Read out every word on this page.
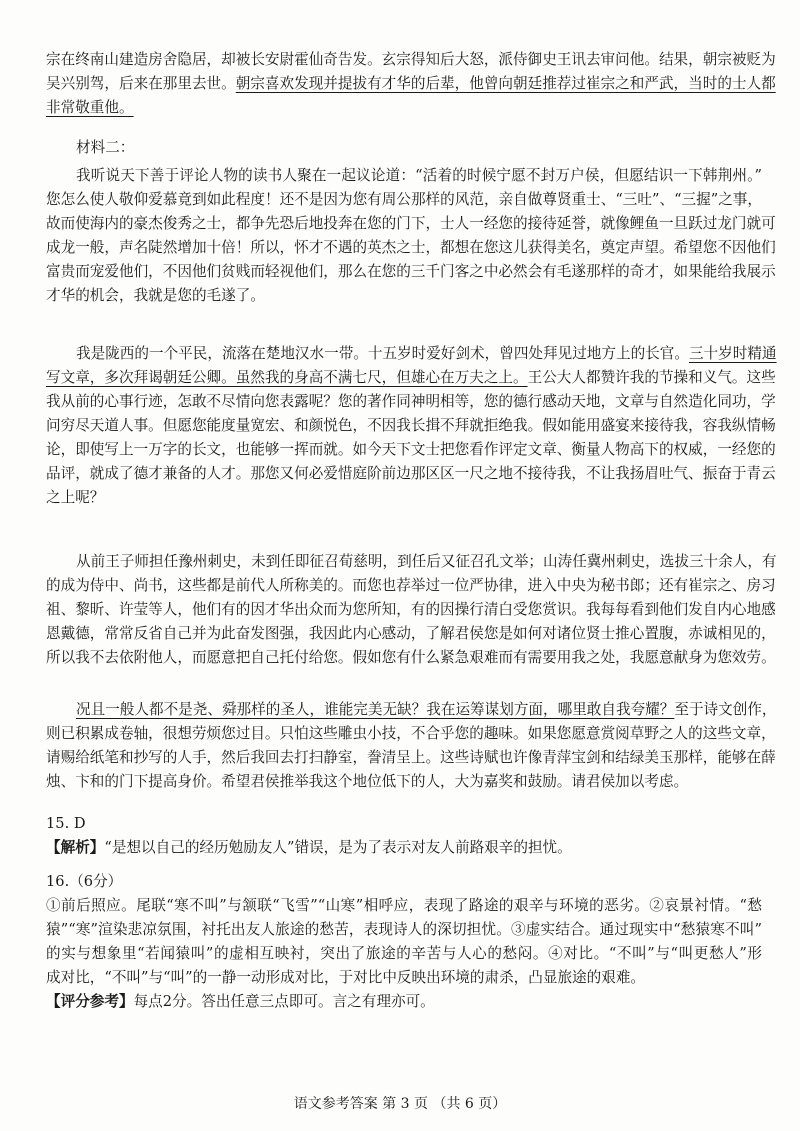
宗在终南山建造房舍隐居，却被长安尉霍仙奇告发。玄宗得知后大怒，派侍御史王讯去审问他。结果，朝宗被贬为
吴兴别驾，后来在那里去世。朝宗喜欢发现并提拔有才华的后辈，他曾向朝廷推荐过崔宗之和严武，当时的士人都
非常敬重他。
材料二：
我听说天下善于评论人物的读书人聚在一起议论道：“活着的时候宁愿不封万户侯，但愿结识一下韩荆州。”
您怎么使人敬仰爱慕竟到如此程度！还不是因为您有周公那样的风范，亲自做尊贤重士、“三吐”、“三握”之事，
故而使海内的豪杰俊秀之士，都争先恐后地投奔在您的门下，士人一经您的接待延誉，就像鲤鱼一旦跃过龙门就可
成龙一般，声名陡然增加十倍！所以，怀才不遇的英杰之士，都想在您这儿获得美名，奠定声望。希望您不因他们
富贵而宠爱他们，不因他们贫贱而轻视他们，那么在您的三千门客之中必然会有毛遂那样的奇才，如果能给我展示
才华的机会，我就是您的毛遂了。
我是陇西的一个平民，流落在楚地汉水一带。十五岁时爱好剑术，曾四处拜见过地方上的长官。三十岁时精通
写文章，多次拜谒朝廷公卿。虽然我的身高不满七尺，但雄心在万夫之上。王公大人都赞许我的节操和义气。这些
我从前的心事行迹，怎敢不尽情向您表露呢？您的著作同神明相等，您的德行感动天地，文章与自然造化同功，学
问穷尽天道人事。但愿您能度量宽宏、和颜悦色，不因我长揖不拜就拒绝我。假如能用盛宴来接待我，容我纵情畅
论，即使写上一万字的长文，也能够一挥而就。如今天下文士把您看作评定文章、衡量人物高下的权威，一经您的
品评，就成了德才兼备的人才。那您又何必爱惜庭阶前边那区区一尺之地不接待我，不让我扬眉吐气、振奋于青云
之上呢？
从前王子师担任豫州刺史，未到任即征召荀慈明，到任后又征召孔文举；山涛任冀州刺史，选拔三十余人，有
的成为侍中、尚书，这些都是前代人所称美的。而您也荐举过一位严协律，进入中央为秘书郎；还有崔宗之、房习
祖、黎昕、许莹等人，他们有的因才华出众而为您所知，有的因操行清白受您赏识。我每每看到他们发自内心地感
恩戴德，常常反省自己并为此奋发图强，我因此内心感动，了解君侯您是如何对诸位贤士推心置腹，赤诚相见的，
所以我不去依附他人，而愿意把自己托付给您。假如您有什么紧急艰难而有需要用我之处，我愿意献身为您效劳。
况且一般人都不是尧、舜那样的圣人，谁能完美无缺？我在运筹谋划方面，哪里敢自我夸耀？至于诗文创作，
则已积累成卷轴，很想劳烦您过目。只怕这些雕虫小技，不合乎您的趣味。如果您愿意赏阅草野之人的这些文章，
请赐给纸笔和抄写的人手，然后我回去打扫静室，誊清呈上。这些诗赋也许像青萍宝剑和结绿美玉那样，能够在薛
烛、卞和的门下提高身价。希望君侯推举我这个地位低下的人，大为嘉奖和鼓励。请君侯加以考虑。
15. D
【解析】“是想以自己的经历勉励友人”错误，是为了表示对友人前路艰辛的担忧。
16.（6分）
①前后照应。尾联“寒不叫”与颔联“飞雪”“山寒”相呼应，表现了路途的艰辛与环境的恶劣。②哀景衬情。“愁
猿”“寒”渲染悲凉氛围，衬托出友人旅途的愁苦，表现诗人的深切担忧。③虚实结合。通过现实中“愁猿寒不叫”
的实与想象里“若闻猿叫”的虚相互映衬，突出了旅途的辛苦与人心的愁闷。④对比。“不叫”与“叫更愁人”形
成对比，“不叫”与“叫”的一静一动形成对比，于对比中反映出环境的肃杀，凸显旅途的艰难。
【评分参考】每点2分。答出任意三点即可。言之有理亦可。
语文参考答案 第 3 页 （共 6 页）
